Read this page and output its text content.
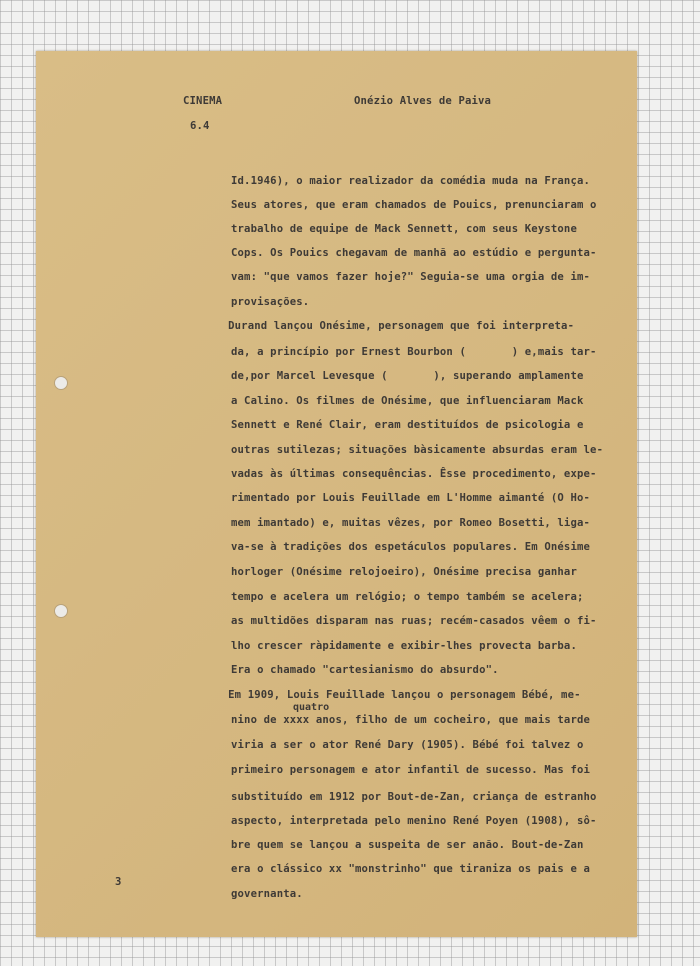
CINEMA

6.4

Onézio Alves de Paiva

Id.1946), o maior realizador da comédia muda na França.

Seus atores, que eram chamados de Pouics, prenunciaram o

trabalho de equipe de Mack Sennett, com seus Keystone

Cops. Os Pouics chegavam de manhã ao estúdio e pergunta-

vam: "que vamos fazer hoje?" Seguia-se uma orgia de im-

provisações.

Durand lançou Onésime, personagem que foi interpreta-

da, a princípio por Ernest Bourbon (       ) e,mais tar-

de,por Marcel Levesque (       ), superando amplamente

a Calino. Os filmes de Onésime, que influenciaram Mack

Sennett e René Clair, eram destituídos de psicologia e

outras sutilezas; situações bàsicamente absurdas eram le-

vadas às últimas consequências. Êsse procedimento, expe-

rimentado por Louis Feuillade em L'Homme aimanté (O Ho-

mem imantado) e, muitas vêzes, por Romeo Bosetti, liga-

va-se à tradições dos espetáculos populares. Em Onésime

horloger (Onésime relojoeiro), Onésime precisa ganhar

tempo e acelera um relógio; o tempo também se acelera;

as multidões disparam nas ruas; recém-casados vêem o fi-

lho crescer ràpidamente e exibir-lhes provecta barba.

Era o chamado "cartesianismo do absurdo".

Em 1909, Louis Feuillade lançou o personagem Bébé, me-

nino de xxxx anos, filho de um cocheiro, que mais tarde

viria a ser o ator René Dary (1905). Bébé foi talvez o

primeiro personagem e ator infantil de sucesso. Mas foi

substituído em 1912 por Bout-de-Zan, criança de estranho

aspecto, interpretada pelo menino René Poyen (1908), sô-

bre quem se lançou a suspeita de ser anão. Bout-de-Zan

era o clássico xx "monstrinho" que tiraniza os pais e a

governanta.

quatro

3
